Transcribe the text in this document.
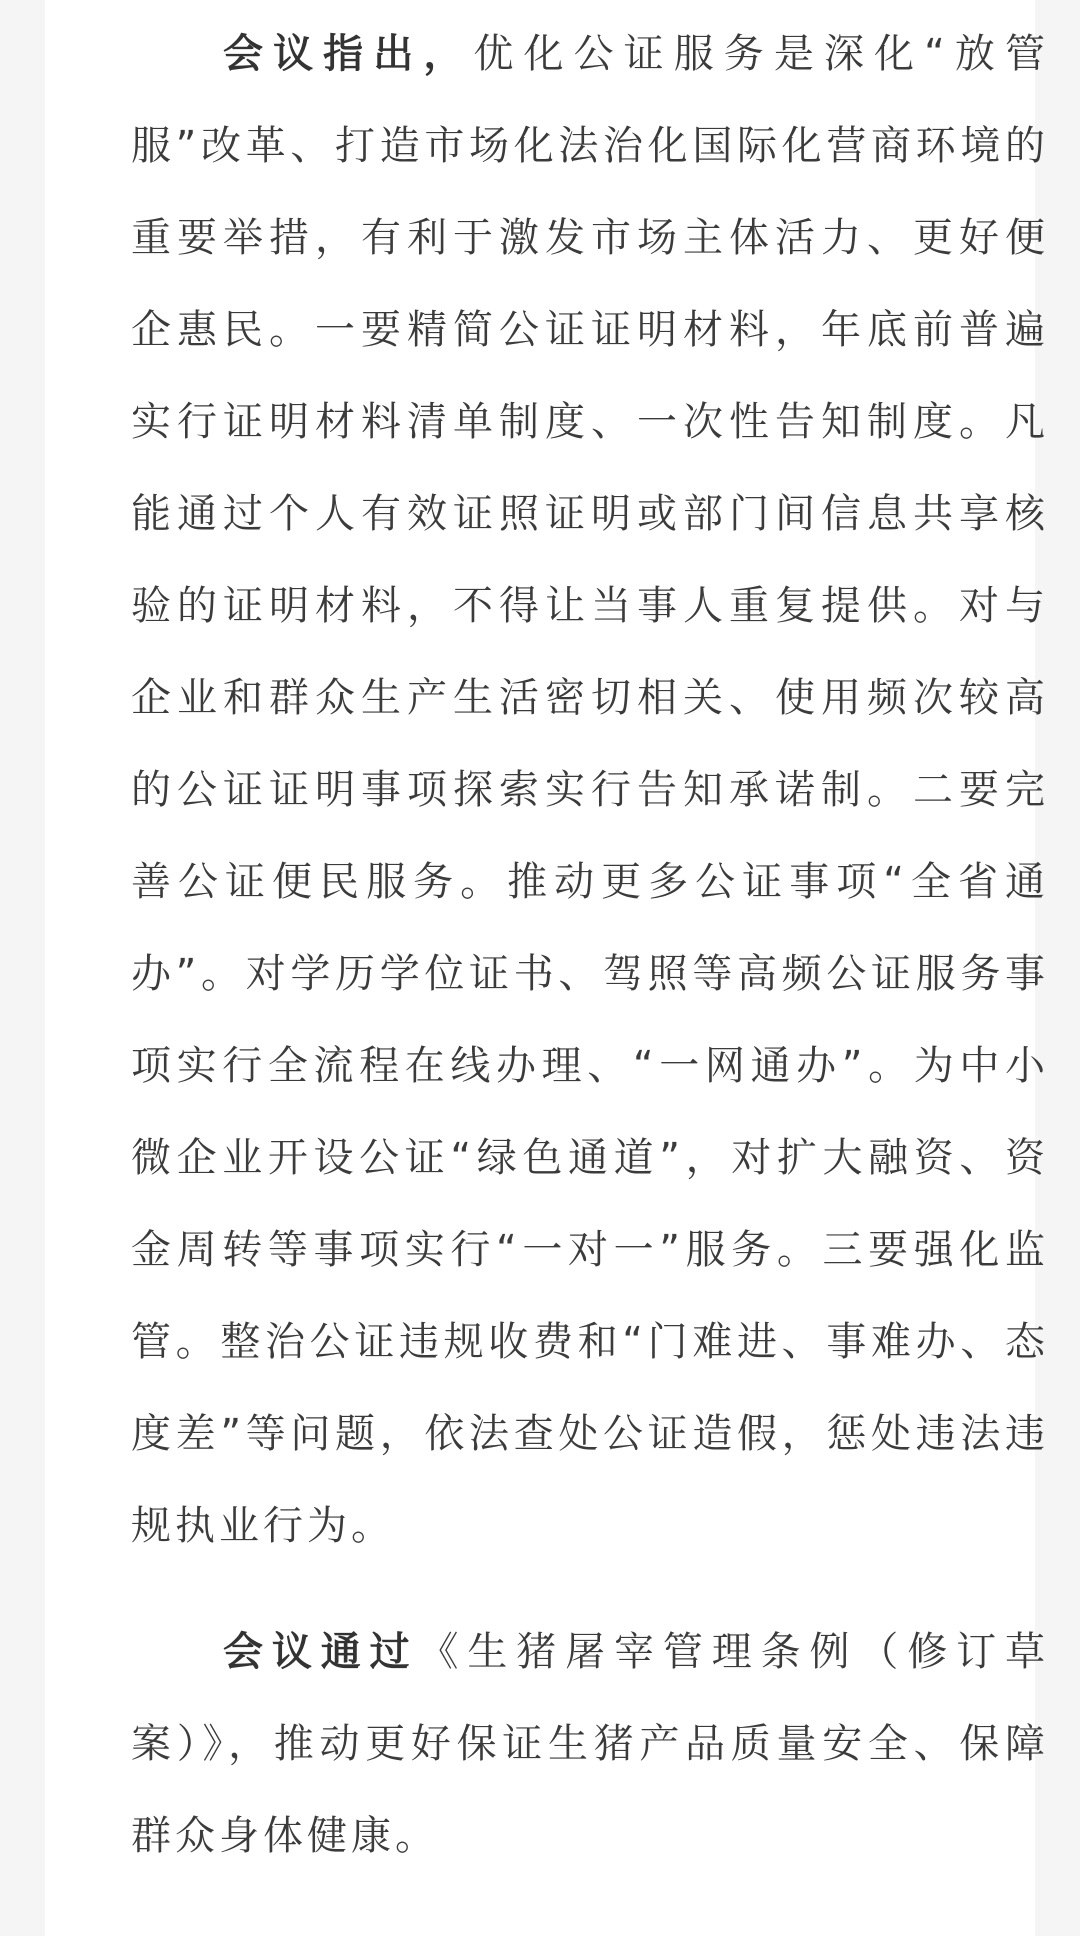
会议指出，优化公证服务是深化“放管服”改革、打造市场化法治化国际化营商环境的重要举措，有利于激发市场主体活力、更好便企惠民。一要精简公证证明材料，年底前普遍实行证明材料清单制度、一次性告知制度。凡能通过个人有效证照证明或部门间信息共享核验的证明材料，不得让当事人重复提供。对与企业和群众生产生活密切相关、使用频次较高的公证证明事项探索实行告知承诺制。二要完善公证便民服务。推动更多公证事项“全省通办”。对学历学位证书、驾照等高频公证服务事项实行全流程在线办理、“一网通办”。为中小微企业开设公证“绿色通道”，对扩大融资、资金周转等事项实行“一对一”服务。三要强化监管。整治公证违规收费和“门难进、事难办、态度差”等问题，依法查处公证造假，惩处违法违规执业行为。

会议通过《生猪屠宰管理条例（修订草案）》，推动更好保证生猪产品质量安全、保障群众身体健康。
